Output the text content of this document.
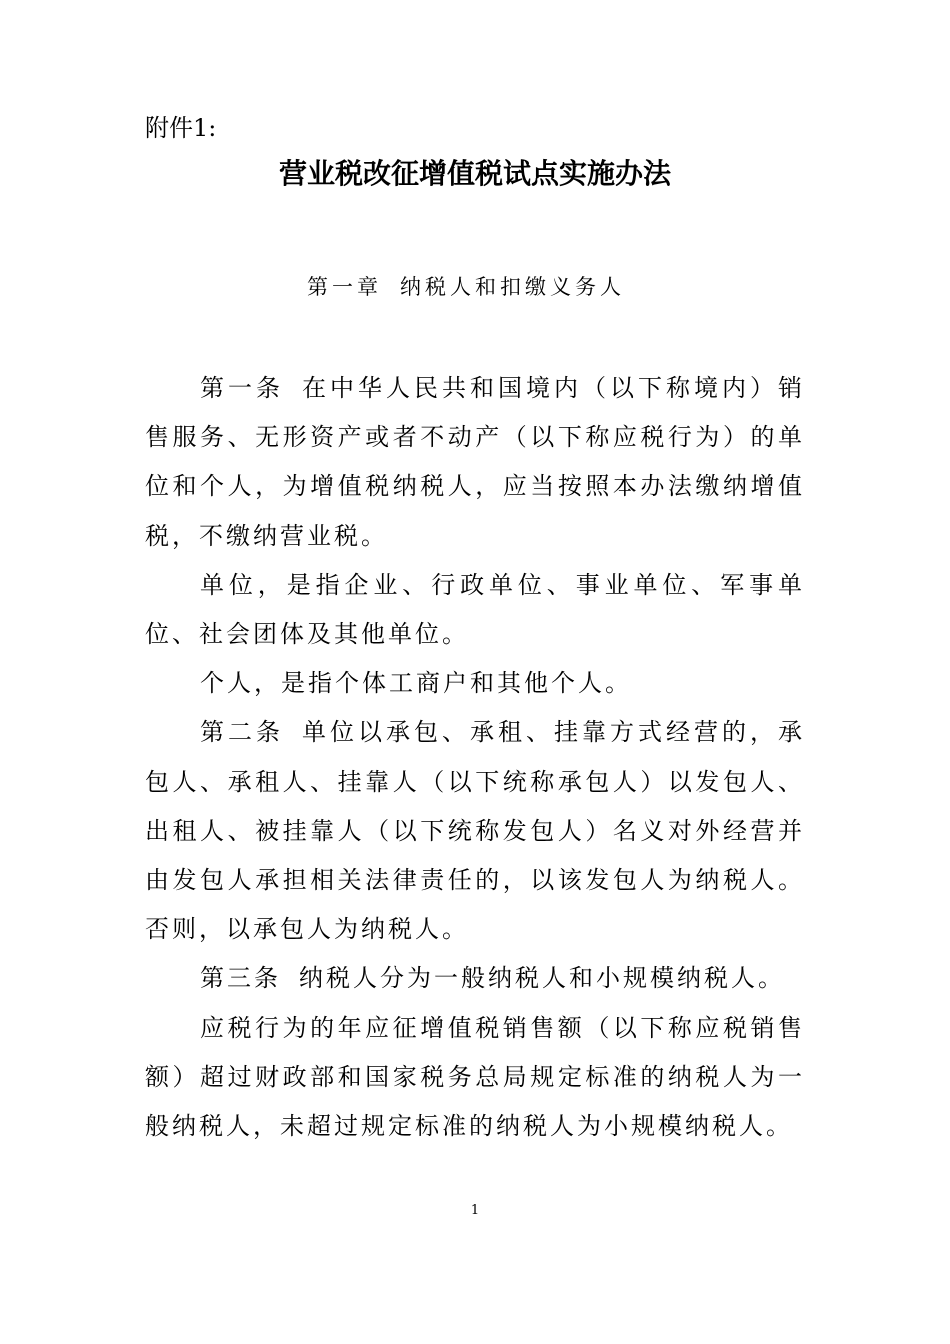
附件1:
营业税改征增值税试点实施办法
第一章 纳税人和扣缴义务人

第一条 在中华人民共和国境内（以下称境内）销售服务、无形资产或者不动产（以下称应税行为）的单位和个人，为增值税纳税人，应当按照本办法缴纳增值税，不缴纳营业税。

单位，是指企业、行政单位、事业单位、军事单位、社会团体及其他单位。

个人，是指个体工商户和其他个人。

第二条 单位以承包、承租、挂靠方式经营的，承包人、承租人、挂靠人（以下统称承包人）以发包人、出租人、被挂靠人（以下统称发包人）名义对外经营并由发包人承担相关法律责任的，以该发包人为纳税人。否则，以承包人为纳税人。

第三条 纳税人分为一般纳税人和小规模纳税人。

应税行为的年应征增值税销售额（以下称应税销售额）超过财政部和国家税务总局规定标准的纳税人为一般纳税人，未超过规定标准的纳税人为小规模纳税人。

1
